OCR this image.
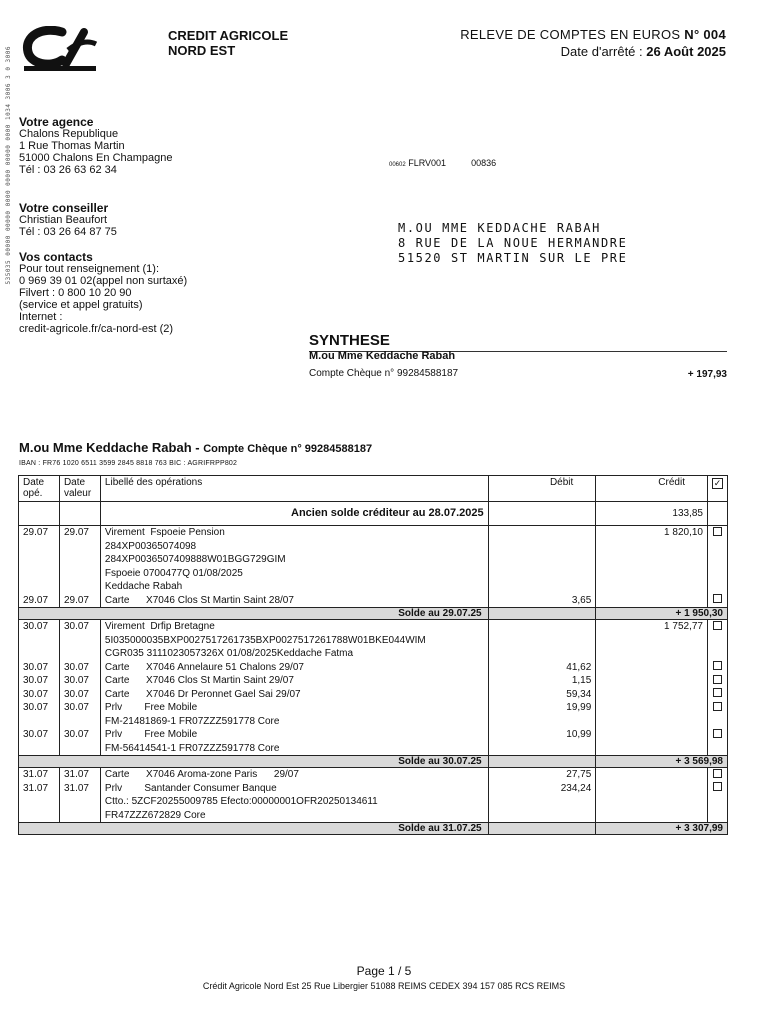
535035 00000 00000 0000 0000 00000 0000 1034 3006 3 0 3006
CREDIT AGRICOLE
NORD EST
RELEVE DE COMPTES EN EUROS N° 004
Date d'arrêté : 26 Août 2025
Votre agence
Chalons Republique
1 Rue Thomas Martin
51000 Chalons En Champagne
Tél : 03 26 63 62 34
Votre conseiller
Christian Beaufort
Tél : 03 26 64 87 75
Vos contacts
Pour tout renseignement (1):
0 969 39 01 02(appel non surtaxé)
Filvert : 0 800 10 20 90
(service et appel gratuits)
Internet :
credit-agricole.fr/ca-nord-est (2)
00602 FLRV001	00836
M.OU MME KEDDACHE RABAH
8 RUE DE LA NOUE HERMANDRE
51520 ST MARTIN SUR LE PRE
SYNTHESE
M.ou Mme Keddache Rabah
Compte Chèque n° 99284588187	+ 197,93
M.ou Mme Keddache Rabah - Compte Chèque n° 99284588187
IBAN : FR76 1020 6511 3599 2845 8818 763 BIC : AGRIFRPP802
Date opé.	Date valeur	Libellé des opérations	Débit	Crédit	✓
		Ancien solde créditeur au 28.07.2025		133,85	
29.07	29.07	Virement  Fspoeie Pension
284XP00365074098
284XP0036507409888W01BGG729GIM
Fspoeie 0700477Q 01/08/2025
Keddache Rabah		1 820,10	
29.07	29.07	Carte      X7046 Clos St Martin Saint 28/07	3,65		
Solde au 29.07.25				+ 1 950,30	
30.07	30.07	Virement  Drfip Bretagne
5I035000035BXP0027517261735BXP0027517261788W01BKE044WIM
CGR035 3111023057326X 01/08/2025Keddache Fatma		1 752,77	
30.07	30.07	Carte      X7046 Annelaure 51 Chalons 29/07	41,62		
30.07	30.07	Carte      X7046 Clos St Martin Saint 29/07	1,15		
30.07	30.07	Carte      X7046 Dr Peronnet Gael Sai 29/07	59,34		
30.07	30.07	Prlv        Free Mobile
FM-21481869-1 FR07ZZZ591778 Core	19,99		
30.07	30.07	Prlv        Free Mobile
FM-56414541-1 FR07ZZZ591778 Core	10,99		
Solde au 30.07.25				+ 3 569,98	
31.07	31.07	Carte      X7046 Aroma-zone Paris      29/07	27,75		
31.07	31.07	Prlv        Santander Consumer Banque
Ctto.: 5ZCF20255009785 Efecto:00000001OFR20250134611
FR47ZZZ672829 Core	234,24		
Solde au 31.07.25				+ 3 307,99	
Page 1 / 5
Crédit Agricole Nord Est 25 Rue Libergier 51088 REIMS CEDEX 394 157 085 RCS REIMS
